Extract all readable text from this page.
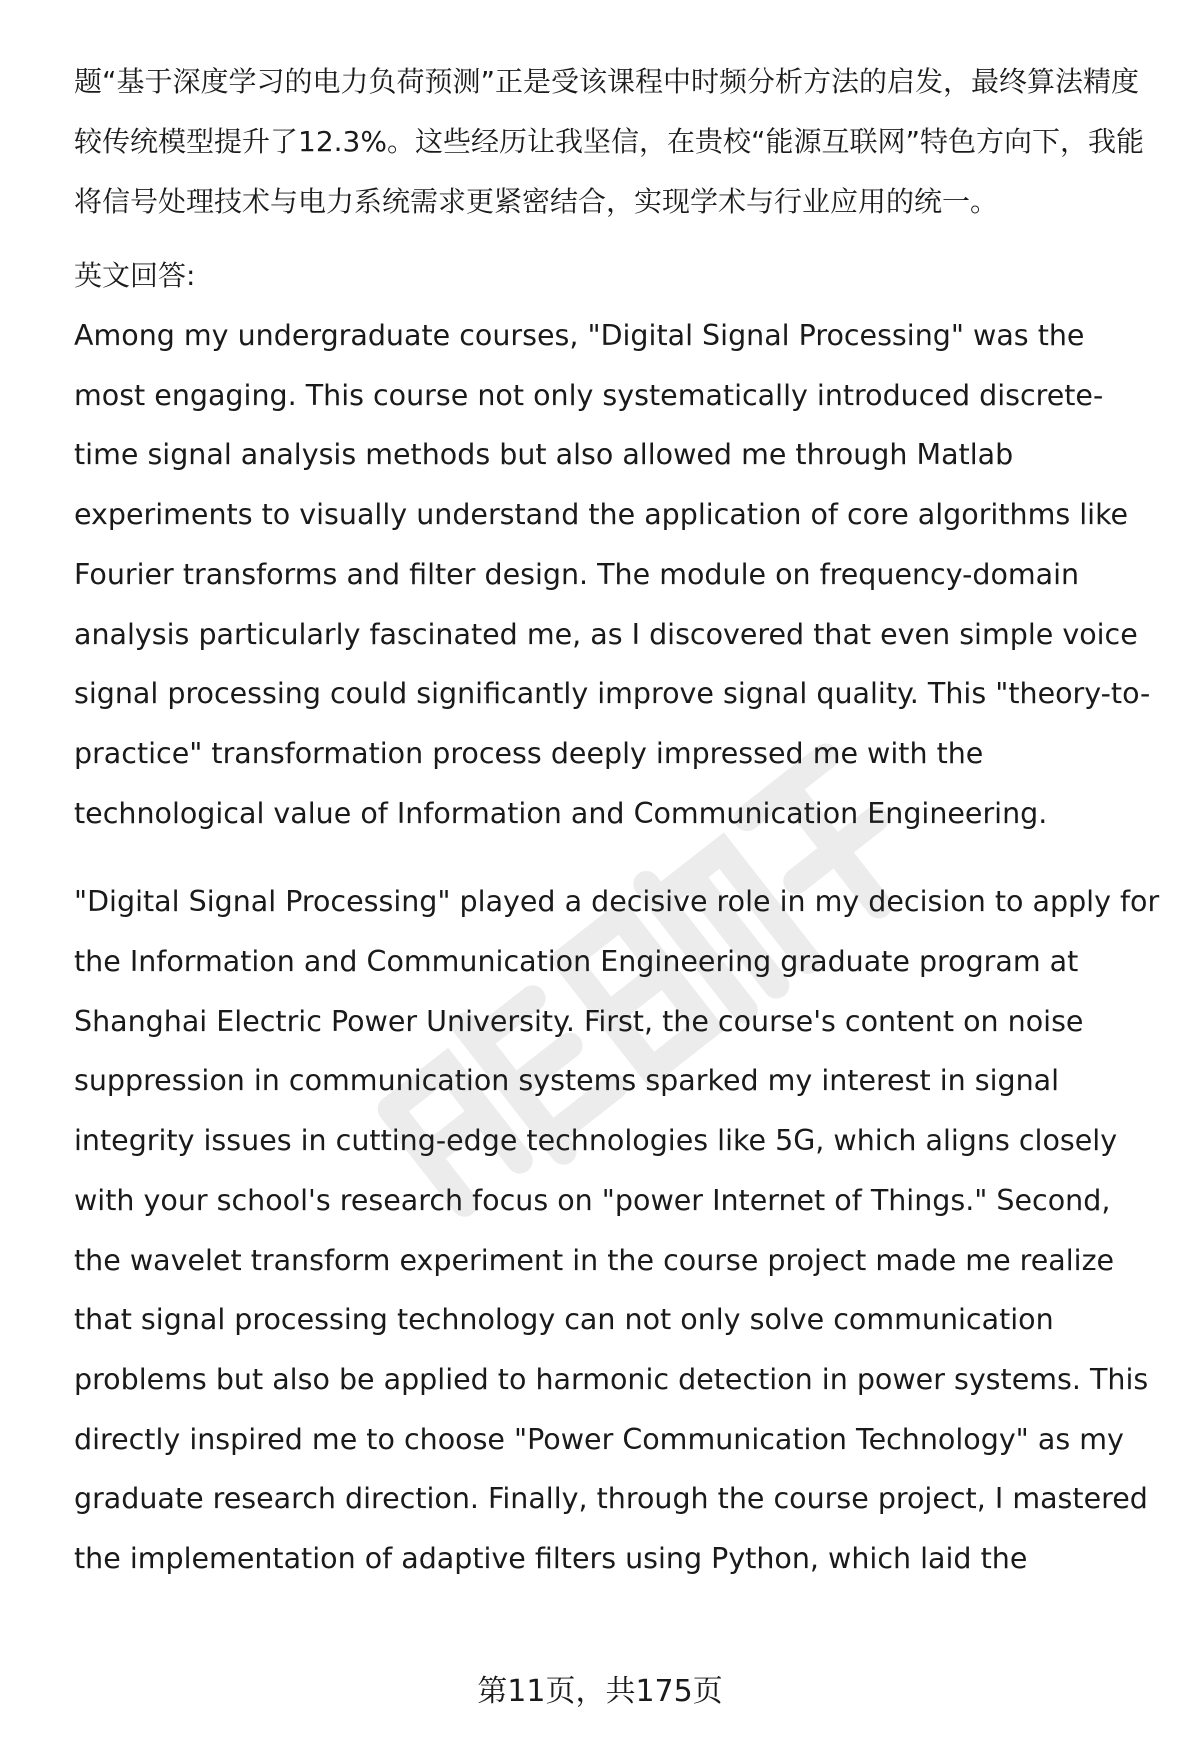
题“基于深度学习的电力负荷预测”正是受该课程中时频分析方法的启发，最终算法精度较传统模型提升了12.3%。这些经历让我坚信，在贵校“能源互联网”特色方向下，我能将信号处理技术与电力系统需求更紧密结合，实现学术与行业应用的统一。

英文回答:

Among my undergraduate courses, "Digital Signal Processing" was the most engaging. This course not only systematically introduced discrete-time signal analysis methods but also allowed me through Matlab experiments to visually understand the application of core algorithms like Fourier transforms and filter design. The module on frequency-domain analysis particularly fascinated me, as I discovered that even simple voice signal processing could significantly improve signal quality. This "theory-to-practice" transformation process deeply impressed me with the technological value of Information and Communication Engineering.

"Digital Signal Processing" played a decisive role in my decision to apply for the Information and Communication Engineering graduate program at Shanghai Electric Power University. First, the course's content on noise suppression in communication systems sparked my interest in signal integrity issues in cutting-edge technologies like 5G, which aligns closely with your school's research focus on "power Internet of Things." Second, the wavelet transform experiment in the course project made me realize that signal processing technology can not only solve communication problems but also be applied to harmonic detection in power systems. This directly inspired me to choose "Power Communication Technology" as my graduate research direction. Finally, through the course project, I mastered the implementation of adaptive filters using Python, which laid the

第11页，共175页
